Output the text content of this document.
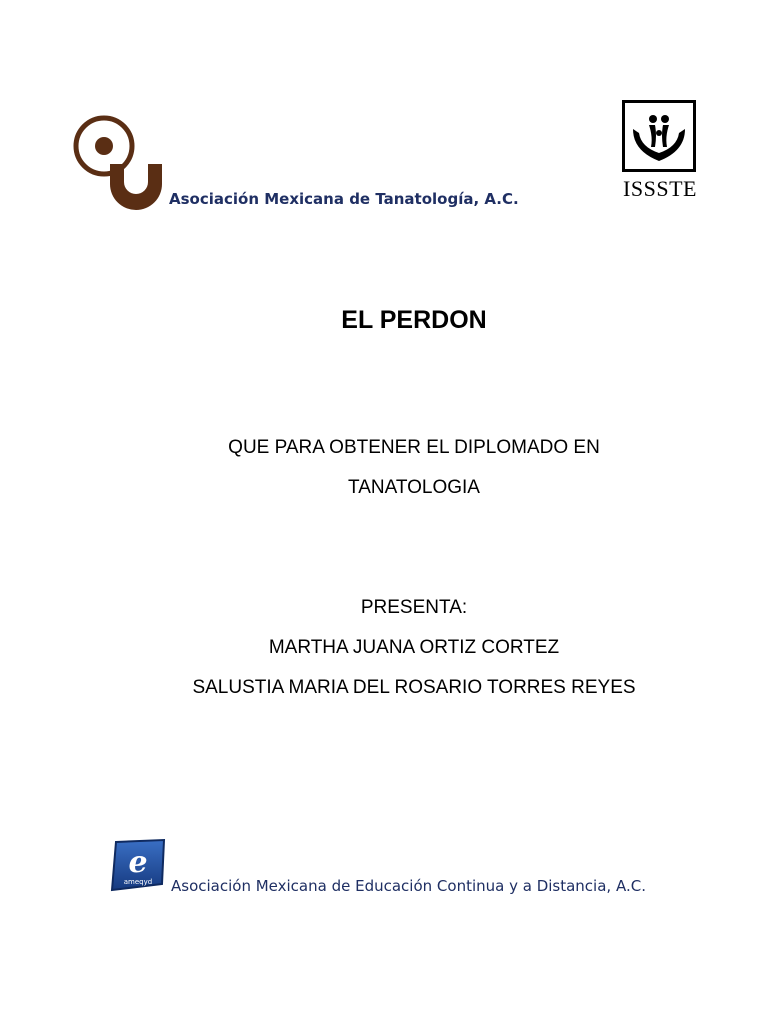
Asociación Mexicana de Tanatología, A.C.	ISSSTE
EL PERDON
QUE PARA OBTENER EL DIPLOMADO EN
TANATOLOGIA
PRESENTA:
MARTHA JUANA ORTIZ CORTEZ
SALUSTIA MARIA DEL ROSARIO TORRES REYES
e
ameqyd Asociación Mexicana de Educación Continua y a Distancia, A.C.
